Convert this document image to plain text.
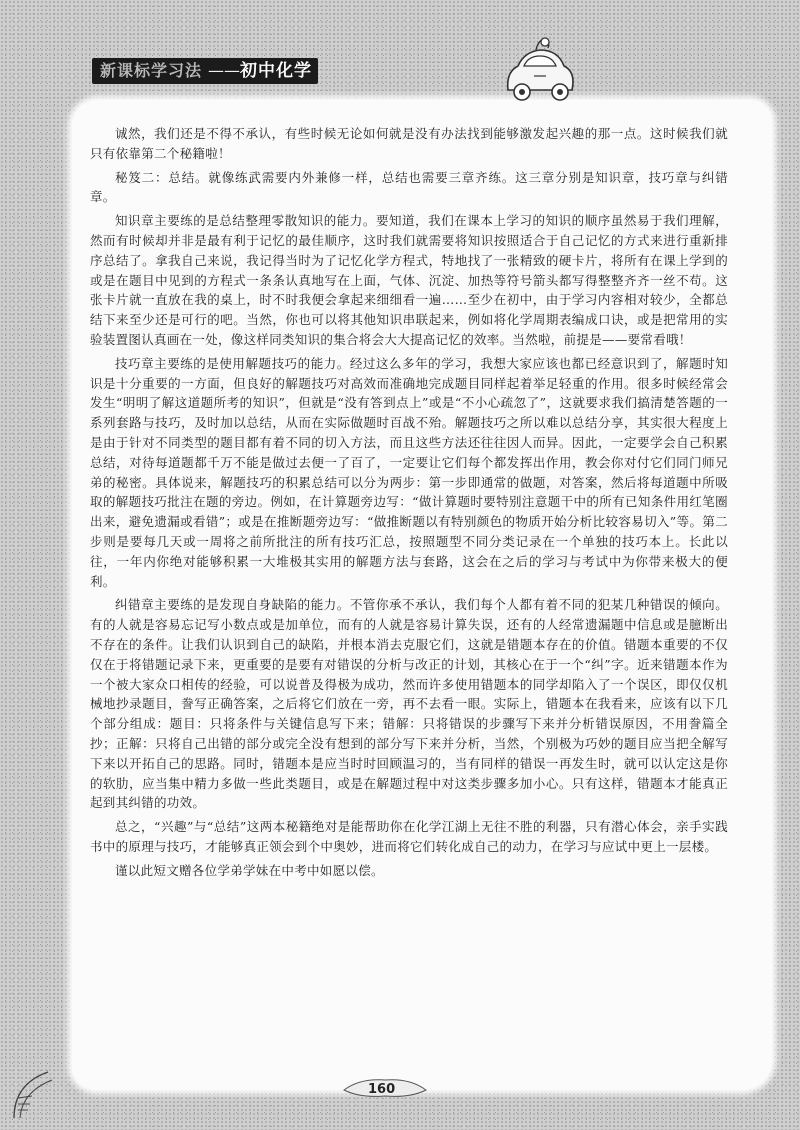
新课标学习法 —— 初中化学

诚然，我们还是不得不承认，有些时候无论如何就是没有办法找到能够激发起兴趣的那一点。这时候我们就只有依靠第二个秘籍啦！

秘笈二：总结。就像练武需要内外兼修一样，总结也需要三章齐练。这三章分别是知识章，技巧章与纠错章。

知识章主要练的是总结整理零散知识的能力。要知道，我们在课本上学习的知识的顺序虽然易于我们理解，然而有时候却并非是最有利于记忆的最佳顺序，这时我们就需要将知识按照适合于自己记忆的方式来进行重新排序总结了。拿我自己来说，我记得当时为了记忆化学方程式，特地找了一张精致的硬卡片，将所有在课上学到的或是在题目中见到的方程式一条条认真地写在上面，气体、沉淀、加热等符号箭头都写得整整齐齐一丝不苟。这张卡片就一直放在我的桌上，时不时我便会拿起来细细看一遍……至少在初中，由于学习内容相对较少，全都总结下来至少还是可行的吧。当然，你也可以将其他知识串联起来，例如将化学周期表编成口诀，或是把常用的实验装置图认真画在一处，像这样同类知识的集合将会大大提高记忆的效率。当然啦，前提是——要常看哦！

技巧章主要练的是使用解题技巧的能力。经过这么多年的学习，我想大家应该也都已经意识到了，解题时知识是十分重要的一方面，但良好的解题技巧对高效而准确地完成题目同样起着举足轻重的作用。很多时候经常会发生“明明了解这道题所考的知识”，但就是“没有答到点上”或是“不小心疏忽了”，这就要求我们搞清楚答题的一系列套路与技巧，及时加以总结，从而在实际做题时百战不殆。解题技巧之所以难以总结分享，其实很大程度上是由于针对不同类型的题目都有着不同的切入方法，而且这些方法还往往因人而异。因此，一定要学会自己积累总结，对待每道题都千万不能是做过去便一了百了，一定要让它们每个都发挥出作用，教会你对付它们同门师兄弟的秘密。具体说来，解题技巧的积累总结可以分为两步：第一步即通常的做题，对答案，然后将每道题中所吸取的解题技巧批注在题的旁边。例如，在计算题旁边写：“做计算题时要特别注意题干中的所有已知条件用红笔圈出来，避免遗漏或看错”；或是在推断题旁边写：“做推断题以有特别颜色的物质开始分析比较容易切入”等。第二步则是要每几天或一周将之前所批注的所有技巧汇总，按照题型不同分类记录在一个单独的技巧本上。长此以往，一年内你绝对能够积累一大堆极其实用的解题方法与套路，这会在之后的学习与考试中为你带来极大的便利。

纠错章主要练的是发现自身缺陷的能力。不管你承不承认，我们每个人都有着不同的犯某几种错误的倾向。有的人就是容易忘记写小数点或是加单位，而有的人就是容易计算失误，还有的人经常遗漏题中信息或是臆断出不存在的条件。让我们认识到自己的缺陷，并根本消去克服它们，这就是错题本存在的价值。错题本重要的不仅仅在于将错题记录下来，更重要的是要有对错误的分析与改正的计划，其核心在于一个“纠”字。近来错题本作为一个被大家众口相传的经验，可以说普及得极为成功，然而许多使用错题本的同学却陷入了一个误区，即仅仅机械地抄录题目，誊写正确答案，之后将它们放在一旁，再不去看一眼。实际上，错题本在我看来，应该有以下几个部分组成：题目：只将条件与关键信息写下来；错解：只将错误的步骤写下来并分析错误原因，不用誊篇全抄；正解：只将自己出错的部分或完全没有想到的部分写下来并分析，当然，个别极为巧妙的题目应当把全解写下来以开拓自己的思路。同时，错题本是应当时时回顾温习的，当有同样的错误一再发生时，就可以认定这是你的软肋，应当集中精力多做一些此类题目，或是在解题过程中对这类步骤多加小心。只有这样，错题本才能真正起到其纠错的功效。

总之，“兴趣”与“总结”这两本秘籍绝对是能帮助你在化学江湖上无往不胜的利器，只有潜心体会，亲手实践书中的原理与技巧，才能够真正领会到个中奥妙，进而将它们转化成自己的动力，在学习与应试中更上一层楼。

谨以此短文赠各位学弟学妹在中考中如愿以偿。

160
